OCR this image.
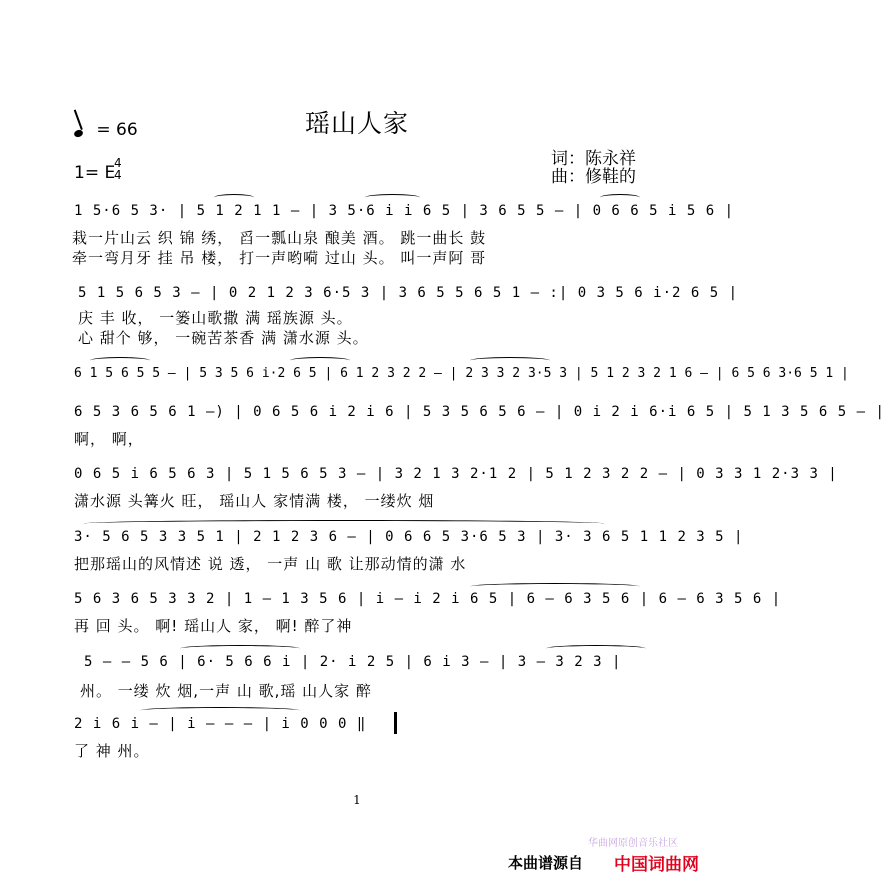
瑶山人家
= 66
1= E
4
4
词：陈永祥
曲：修鞋的
1 5·6 5 3· | 5 1 2 1 1 — | 3 5·6 i i 6 5 | 3 6 5 5 — | 0 6 6 5 i 5 6 |
栽一片山云 织 锦 绣， 舀一瓢山泉 酿美 酒。 跳一曲长 鼓
牵一弯月牙 挂 吊 楼， 打一声哟嗬 过山 头。 叫一声阿 哥
5 1 5 6 5 3 — | 0 2 1 2 3 6·5 3 | 3 6 5 5 6 5 1 — :| 0 3 5 6 i·2 6 5 |
庆 丰 收， 一篓山歌撒 满 瑶族源 头。
心 甜个 够， 一碗苦茶香 满 潇水源 头。
6 1 5 6 5 5 — | 5 3 5 6 i·2 6 5 | 6 1 2 3 2 2 — | 2 3 3 2 3·5 3 | 5 1 2 3 2 1 6 — | 6 5 6 3·6 5 1 |
6 5 3 6 5 6 1 —) | 0 6 5 6 i 2 i 6 | 5 3 5 6 5 6 — | 0 i 2 i 6·i 6 5 | 5 1 3 5 6 5 — |
啊， 啊，
0 6 5 i 6 5 6 3 | 5 1 5 6 5 3 — | 3 2 1 3 2·1 2 | 5 1 2 3 2 2 — | 0 3 3 1 2·3 3 |
潇水源 头篝火 旺， 瑶山人 家情满 楼， 一缕炊 烟
3· 5 6 5 3 3 5 1 | 2 1 2 3 6 — | 0 6 6 5 3·6 5 3 | 3· 3 6 5 1 1 2 3 5 |
把那瑶山的风情述 说 透， 一声 山 歌 让那动情的潇 水
5 6 3 6 5 3 3 2 | 1 — 1 3 5 6 | i — i 2 i 6 5 | 6 — 6 3 5 6 | 6 — 6 3 5 6 |
再 回 头。 啊! 瑶山人 家， 啊! 醉了神
5 — — 5 6 | 6· 5 6 6 i | 2· i 2 5 | 6 i 3 — | 3 — 3 2 3 |
州。 一缕 炊 烟,一声 山 歌,瑶 山人家 醉
2 i 6 i — | i — — — | i 0 0 0 ‖
了 神 州。
1
华曲网原创音乐社区
本曲谱源自 中国词曲网
